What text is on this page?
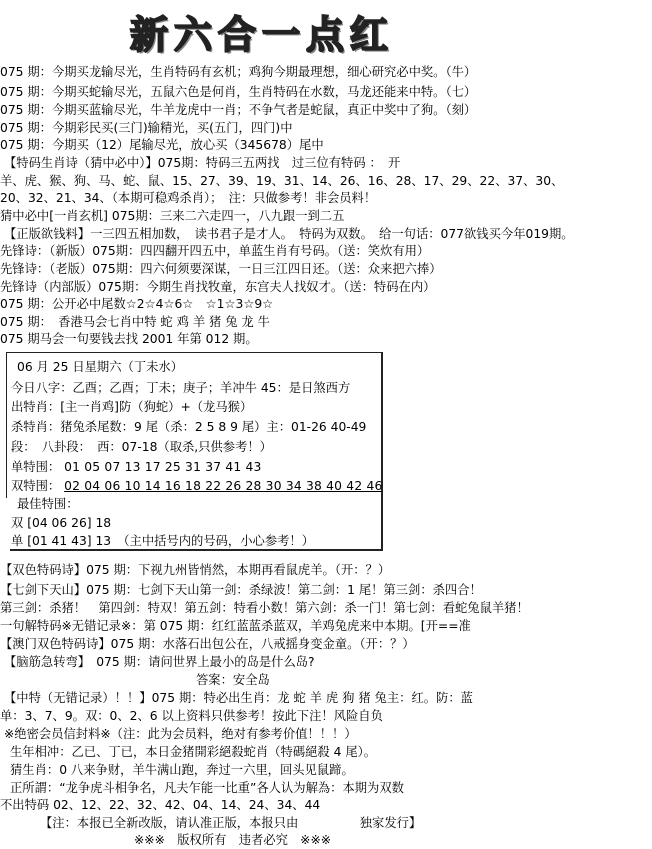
新六合一点红
075 期：今期买龙输尽光，生肖特码有玄机；鸡狗今期最理想，细心研究必中奖。（牛）
075 期：今期买蛇输尽光，五鼠六色是何肖，生肖特码在水数，马龙还能来中特。（七）
075 期：今期买蓝输尽光，牛羊龙虎中一肖；不争气者是蛇鼠，真正中奖中了狗。（刻）
075 期：今期彩民买(三门)输精光，买(五门，四门)中
075 期：今期买（12）尾输尽光，放心买（345678）尾中
【特码生肖诗（猜中必中）】075期：特码三五两找　过三位有特码 ：　开
羊、虎、猴、狗、马、蛇、鼠、15、27、39、19、31、14、26、16、28、17、29、22、37、30、
20、32、21、34、（本期可稳鸡杀肖）；　注：只做参考！非会员料！
猜中必中[一肖玄机] 075期：三来二六走四一，八九跟一到二五
【正版欲钱料】一三四五相加数，　读书君子是才人。　特码为双数。　给一句话：077欲钱买今年019期。
先锋诗：（新版）075期：四四翻开四五中，单蓝生肖有号码。（送：笑炊有用）
先锋诗：（老版）075期：四六何须要深谋，一日三江四日还。（送：众来把六捧）
先锋诗（内部版）075期：今期生肖找牧童，东宫夫人找奴才。（送：特码在内）
075 期：公开必中尾数☆2☆4☆6☆　☆1☆3☆9☆
075 期：　香港马会七肖中特 蛇 鸡 羊 猪 兔 龙 牛
075 期马会一句要钱去找 2001 年第 012 期。
06 月 25 日星期六（丁未水）
今日八字：乙酉；乙酉；丁未；庚子；羊冲牛 45：是日煞西方
出特肖：[主一肖鸡]防（狗蛇）+（龙马猴）
杀特肖：猪兔杀尾数：9 尾（杀：2 5 8 9 尾）主：01-26 40-49
段：　八卦段：　西：07-18（取杀,只供参考！）
单特围： 01 05 07 13 17 25 31 37 41 43
双特围： 02 04 06 10 14 16 18 22 26 28 30 34 38 40 42 46
最佳特围：
双 [04 06 26] 18
单 [01 41 43] 13　（主中括号内的号码，小心参考！）
【双色特码诗】075 期：下视九州皆悄然，本期再看鼠虎羊。（开：？）
【七剑下天山】075 期：七剑下天山第一剑：杀绿波！第二剑：1 尾！第三剑：杀四合！
第三剑：杀猪！　第四剑：特双！第五剑：特看小数！第六剑：杀一门！第七剑：看蛇兔鼠羊猪！
一句解特码※无错记录※：第 075 期：红红蓝蓝杀蓝双，羊鸡兔虎来中本期。[开==准
【澳门双色特码诗】075 期：水落石出包公在，八戒摇身变金童。（开：？）
【脑筋急转弯】　075 期：请问世界上最小的岛是什么岛?
答案：安全岛
【中特（无错记录）！！】075 期：特必出生肖：龙 蛇 羊 虎 狗 猪 兔主：红。防：蓝
单：3、7、9。双：0、2、6 以上资料只供参考！按此下注！风险自负
※绝密会员信封料※（注：此为会员料，绝对有参考价值！！！）
生年相冲：乙已、丁已，本日金猪開彩絕殺蛇肖（特碼絕殺 4 尾）。
猜生肖：0 八来争财，羊牛满山跑，奔过一六里，回头见鼠蹄。
正所謂：“龙争虎斗相争名，凡夫乍能一比重”各人认为解為：本期为双数
不出特码 02、12、22、32、42、04、14、24、34、44
【注：本报已全新改版，请认准正版，本报只由　　　　　独家发行】
※※※　版权所有　违者必究　※※※
